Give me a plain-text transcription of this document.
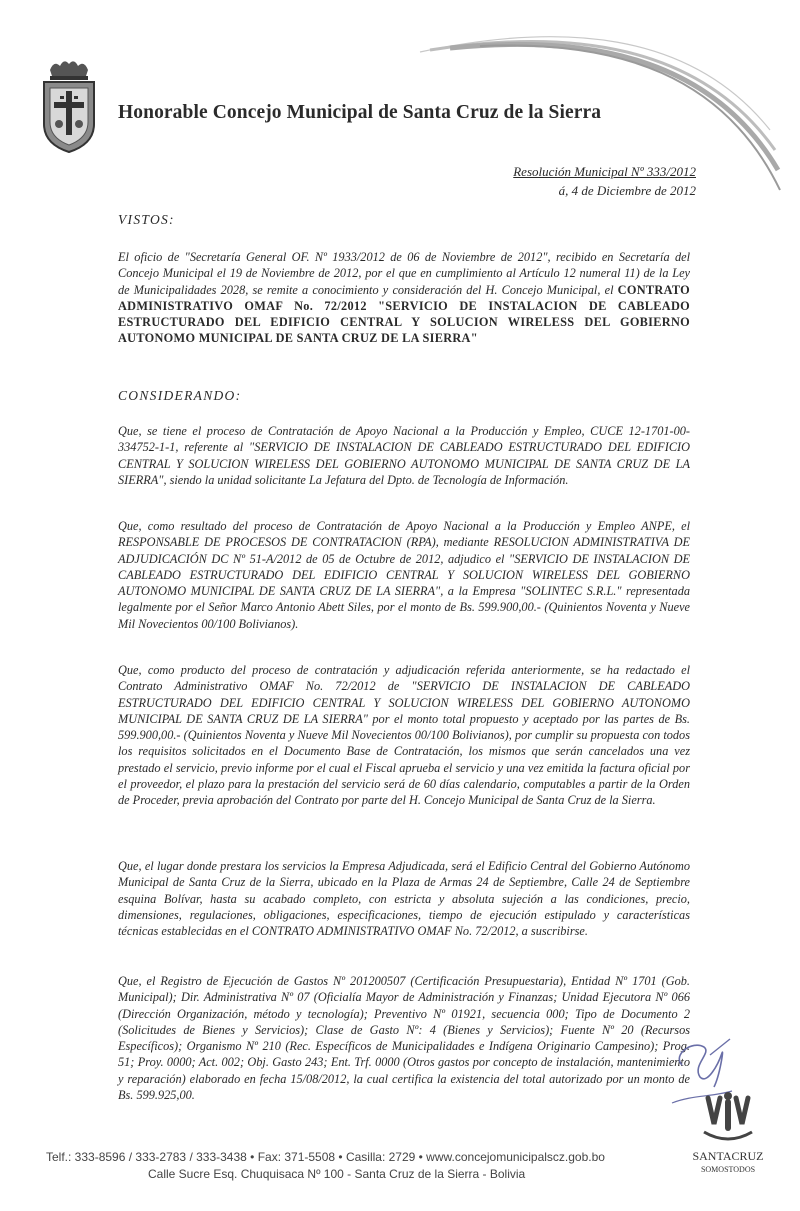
Honorable Concejo Municipal de Santa Cruz de la Sierra
Resolución Municipal Nº 333/2012
á, 4 de Diciembre de 2012
VISTOS:
El oficio de "Secretaría General OF. Nº 1933/2012 de 06 de Noviembre de 2012", recibido en Secretaría del Concejo Municipal el 19 de Noviembre de 2012, por el que en cumplimiento al Artículo 12 numeral 11) de la Ley de Municipalidades 2028, se remite a conocimiento y consideración del H. Concejo Municipal, el CONTRATO ADMINISTRATIVO OMAF No. 72/2012 "SERVICIO DE INSTALACION DE CABLEADO ESTRUCTURADO DEL EDIFICIO CENTRAL Y SOLUCION WIRELESS DEL GOBIERNO AUTONOMO MUNICIPAL DE SANTA CRUZ DE LA SIERRA"
CONSIDERANDO:
Que, se tiene el proceso de Contratación de Apoyo Nacional a la Producción y Empleo, CUCE 12-1701-00-334752-1-1, referente al "SERVICIO DE INSTALACION DE CABLEADO ESTRUCTURADO DEL EDIFICIO CENTRAL Y SOLUCION WIRELESS DEL GOBIERNO AUTONOMO MUNICIPAL DE SANTA CRUZ DE LA SIERRA", siendo la unidad solicitante La Jefatura del Dpto. de Tecnología de Información.
Que, como resultado del proceso de Contratación de Apoyo Nacional a la Producción y Empleo ANPE, el RESPONSABLE DE PROCESOS DE CONTRATACION (RPA), mediante RESOLUCION ADMINISTRATIVA DE ADJUDICACIÓN DC Nº 51-A/2012 de 05 de Octubre de 2012, adjudico el "SERVICIO DE INSTALACION DE CABLEADO ESTRUCTURADO DEL EDIFICIO CENTRAL Y SOLUCION WIRELESS DEL GOBIERNO AUTONOMO MUNICIPAL DE SANTA CRUZ DE LA SIERRA", a la Empresa "SOLINTEC S.R.L." representada legalmente por el Señor Marco Antonio Abett Siles, por el monto de Bs. 599.900,00.- (Quinientos Noventa y Nueve Mil Novecientos 00/100 Bolivianos).
Que, como producto del proceso de contratación y adjudicación referida anteriormente, se ha redactado el Contrato Administrativo OMAF No. 72/2012 de "SERVICIO DE INSTALACION DE CABLEADO ESTRUCTURADO DEL EDIFICIO CENTRAL Y SOLUCION WIRELESS DEL GOBIERNO AUTONOMO MUNICIPAL DE SANTA CRUZ DE LA SIERRA" por el monto total propuesto y aceptado por las partes de Bs. 599.900,00.- (Quinientos Noventa y Nueve Mil Novecientos 00/100 Bolivianos), por cumplir su propuesta con todos los requisitos solicitados en el Documento Base de Contratación, los mismos que serán cancelados una vez prestado el servicio, previo informe por el cual el Fiscal aprueba el servicio y una vez emitida la factura oficial por el proveedor, el plazo para la prestación del servicio será de 60 días calendario, computables a partir de la Orden de Proceder, previa aprobación del Contrato por parte del H. Concejo Municipal de Santa Cruz de la Sierra.
Que, el lugar donde prestara los servicios la Empresa Adjudicada, será el Edificio Central del Gobierno Autónomo Municipal de Santa Cruz de la Sierra, ubicado en la Plaza de Armas 24 de Septiembre, Calle 24 de Septiembre esquina Bolívar, hasta su acabado completo, con estricta y absoluta sujeción a las condiciones, precio, dimensiones, regulaciones, obligaciones, especificaciones, tiempo de ejecución estipulado y características técnicas establecidas en el CONTRATO ADMINISTRATIVO OMAF No. 72/2012, a suscribirse.
Que, el Registro de Ejecución de Gastos Nº 201200507 (Certificación Presupuestaria), Entidad Nº 1701 (Gob. Municipal); Dir. Administrativa Nº 07 (Oficialía Mayor de Administración y Finanzas; Unidad Ejecutora Nº 066 (Dirección Organización, método y tecnología); Preventivo Nº 01921, secuencia 000; Tipo de Documento 2 (Solicitudes de Bienes y Servicios); Clase de Gasto Nº: 4 (Bienes y Servicios); Fuente Nº 20 (Recursos Específicos); Organismo Nº 210 (Rec. Específicos de Municipalidades e Indígena Originario Campesino); Prog. 51; Proy. 0000; Act. 002; Obj. Gasto 243; Ent. Trf. 0000 (Otros gastos por concepto de instalación, mantenimiento y reparación) elaborado en fecha 15/08/2012, la cual certifica la existencia del total autorizado por un monto de Bs. 599.925,00.
SANTACRUZ
SOMOSTODOS
Telf.: 333-8596 / 333-2783 / 333-3438 • Fax: 371-5508 • Casilla: 2729 • www.concejomunicipalscz.gob.bo
Calle Sucre Esq. Chuquisaca Nº 100 - Santa Cruz de la Sierra - Bolivia
